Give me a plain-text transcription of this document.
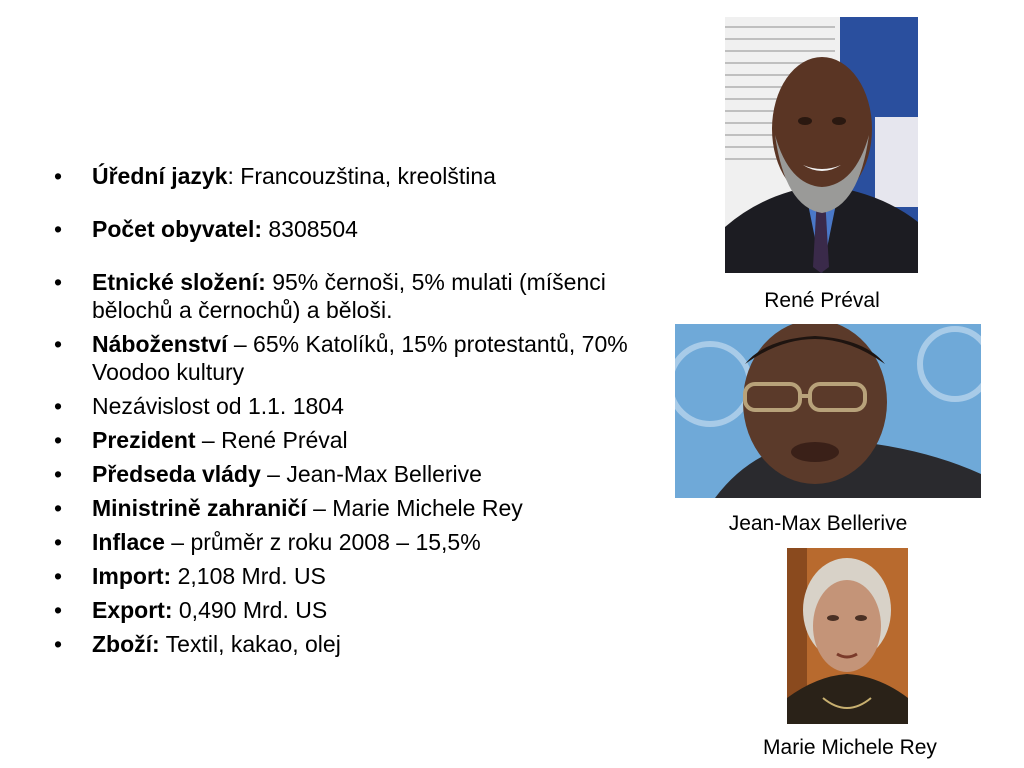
• Úřední jazyk: Francouzština, kreolština
• Počet obyvatel: 8308504
• Etnické složení: 95% černoši, 5% mulati (míšenci bělochů a černochů) a běloši.
• Náboženství – 65% Katolíků, 15% protestantů, 70% Voodoo kultury
• Nezávislost od 1.1. 1804
• Prezident – René Préval
• Předseda vlády – Jean-Max Bellerive
• Ministrině zahraničí – Marie Michele Rey
• Inflace – průměr z roku 2008 – 15,5%
• Import: 2,108 Mrd. US
• Export: 0,490 Mrd. US
• Zboží: Textil, kakao, olej
René Préval
Jean-Max Bellerive
Marie Michele Rey
